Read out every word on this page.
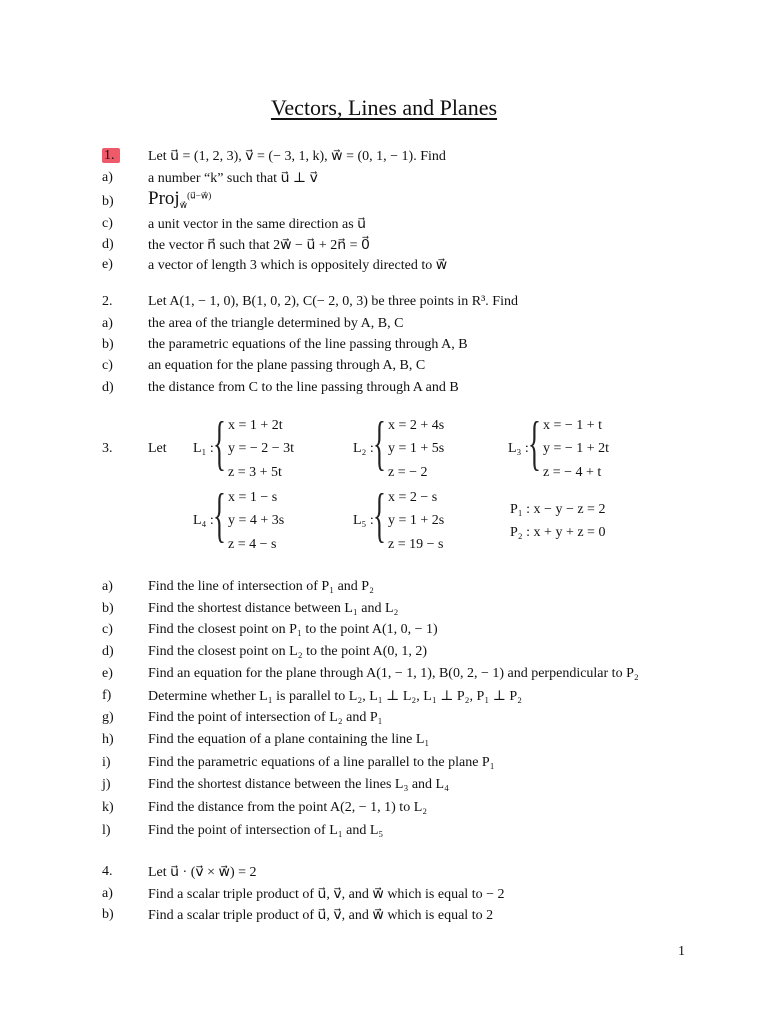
Vectors, Lines and Planes
1.	Let u⃗ = (1, 2, 3), v⃗ = (− 3, 1, k), w⃗ = (0, 1, − 1). Find
a)	a number “k” such that u⃗ ⊥ v⃗
b) Proj$_{w⃗}^{(u⃗-w⃗)}$
c)	a unit vector in the same direction as u⃗
d) the vector n⃗ such that 2w⃗ − u⃗ + 2n⃗ = 0⃗
e)	a vector of length 3 which is oppositely directed to w⃗
2.	Let A(1, − 1, 0), B(1, 0, 2), C(− 2, 0, 3) be three points in R³. Find
a)	the area of the triangle determined by A, B, C
b) the parametric equations of the line passing through A, B
c)	an equation for the plane passing through A, B, C
d) the distance from C to the line passing through A and B
3.	Let L₁ : { x = 1 + 2t
y = − 2 − 3t
z = 3 + 5t
L₂ : { x = 2 + 4s
y = 1 + 5s
z = − 2
L₃ : { x = − 1 + t
y = − 1 + 2t
z = − 4 + t
L₄ : { x = 1 − s
y = 4 + 3s
z = 4 − s
L₅ : { x = 2 − s
y = 1 + 2s
z = 19 − s
P₁ : x − y − z = 2
P₂ : x + y + z = 0
a)	Find the line of intersection of P₁ and P₂
b) Find the shortest distance between L₁ and L₂
c)	Find the closest point on P₁ to the point A(1, 0, − 1)
d) Find the closest point on L₂ to the point A(0, 1, 2)
e)	Find an equation for the plane through A(1, − 1, 1), B(0, 2, − 1) and perpendicular to P₂
f)	Determine whether L₁ is parallel to L₂, L₁ ⊥ L₂, L₁ ⊥ P₂, P₁ ⊥ P₂
g) Find the point of intersection of L₂ and P₁
h) Find the equation of a plane containing the line L₁
i)	Find the parametric equations of a line parallel to the plane P₁
j)	Find the shortest distance between the lines L₃ and L₄
k) Find the distance from the point A(2, − 1, 1) to L₂
l)	Find the point of intersection of L₁ and L₅
4.	Let u⃗ · (v⃗ × w⃗) = 2
a)	Find a scalar triple product of u⃗, v⃗, and w⃗ which is equal to − 2
b) Find a scalar triple product of u⃗, v⃗, and w⃗ which is equal to 2
1
